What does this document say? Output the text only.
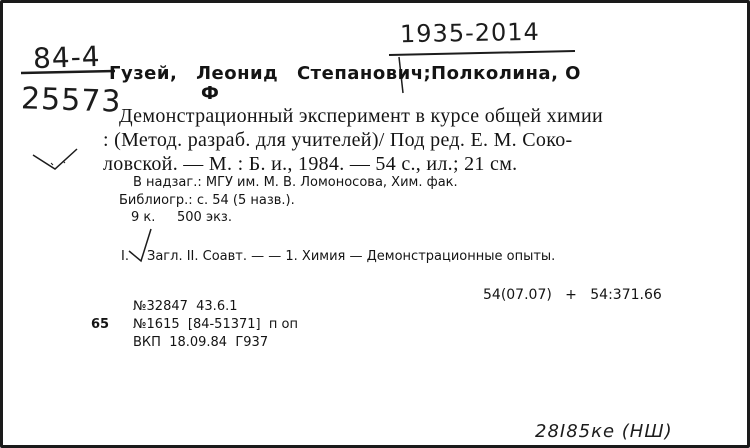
84-4
25573
1935-2014
28I85ке (НШ)
Гузей, Леонид Степанович; Полколина, О
Ф
Демонстрационный эксперимент в курсе общей химии
: (Метод. разраб. для учителей)/ Под ред. Е. М. Соко-
ловской. — М. : Б. и., 1984. — 54 с., ил.; 21 см.
В надзаг.: МГУ им. М. В. Ломоносова, Хим. фак.
Библиогр.: с. 54 (5 назв.).
9 к. 500 экз.
I. Загл. II. Соавт. — — 1. Химия — Демонстрационные опыты.
54(07.07)   +   54:371.66
№32847  43.6.1
65 №1615  [84-51371]  п оп
ВКП  18.09.84  Г937
